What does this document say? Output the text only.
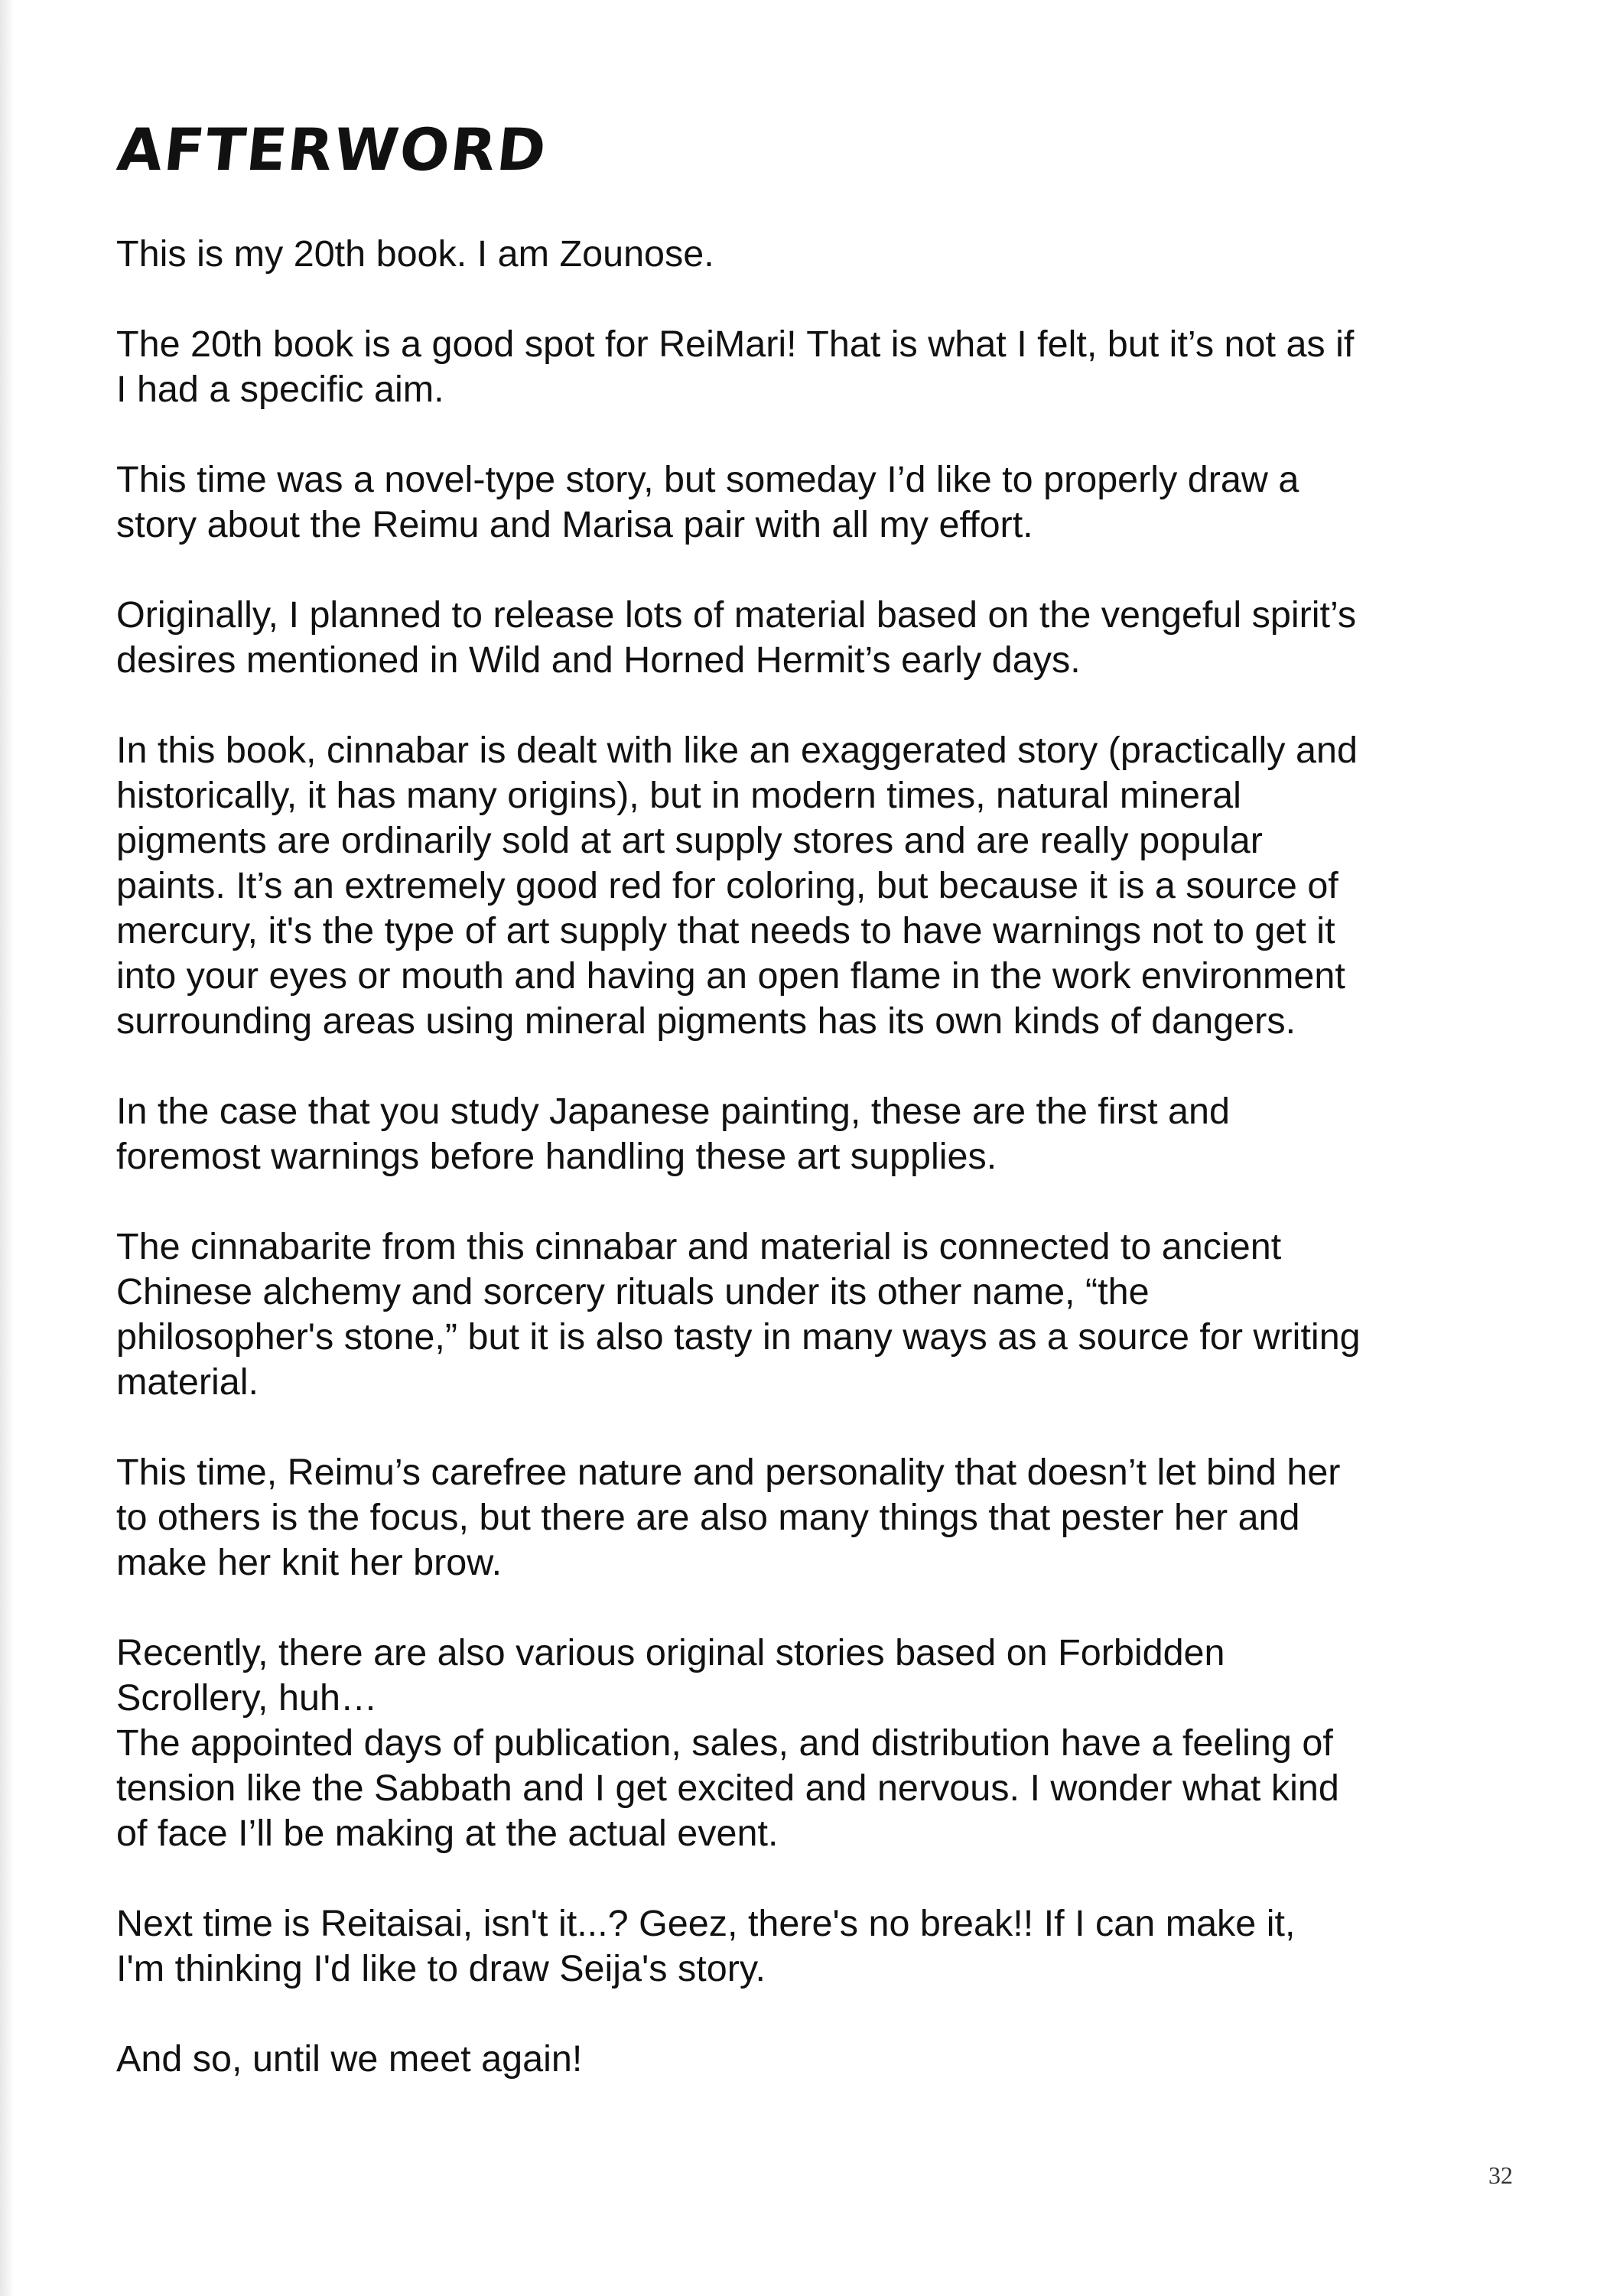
AFTERWORD

This is my 20th book. I am Zounose.

The 20th book is a good spot for ReiMari! That is what I felt, but it’s not as if

I had a specific aim.

This time was a novel-type story, but someday I’d like to properly draw a

story about the Reimu and Marisa pair with all my effort.

Originally, I planned to release lots of material based on the vengeful spirit’s

desires mentioned in Wild and Horned Hermit’s early days.

In this book, cinnabar is dealt with like an exaggerated story (practically and

historically, it has many origins), but in modern times, natural mineral

pigments are ordinarily sold at art supply stores and are really popular

paints. It’s an extremely good red for coloring, but because it is a source of

mercury, it's the type of art supply that needs to have warnings not to get it

into your eyes or mouth and having an open flame in the work environment

surrounding areas using mineral pigments has its own kinds of dangers.

In the case that you study Japanese painting, these are the first and

foremost warnings before handling these art supplies.

The cinnabarite from this cinnabar and material is connected to ancient

Chinese alchemy and sorcery rituals under its other name, “the

philosopher's stone,” but it is also tasty in many ways as a source for writing

material.

This time, Reimu’s carefree nature and personality that doesn’t let bind her

to others is the focus, but there are also many things that pester her and

make her knit her brow.

Recently, there are also various original stories based on Forbidden

Scrollery, huh…

The appointed days of publication, sales, and distribution have a feeling of

tension like the Sabbath and I get excited and nervous. I wonder what kind

of face I’ll be making at the actual event.

Next time is Reitaisai, isn't it...? Geez, there's no break!! If I can make it,

I'm thinking I'd like to draw Seija's story.

And so, until we meet again!

32
